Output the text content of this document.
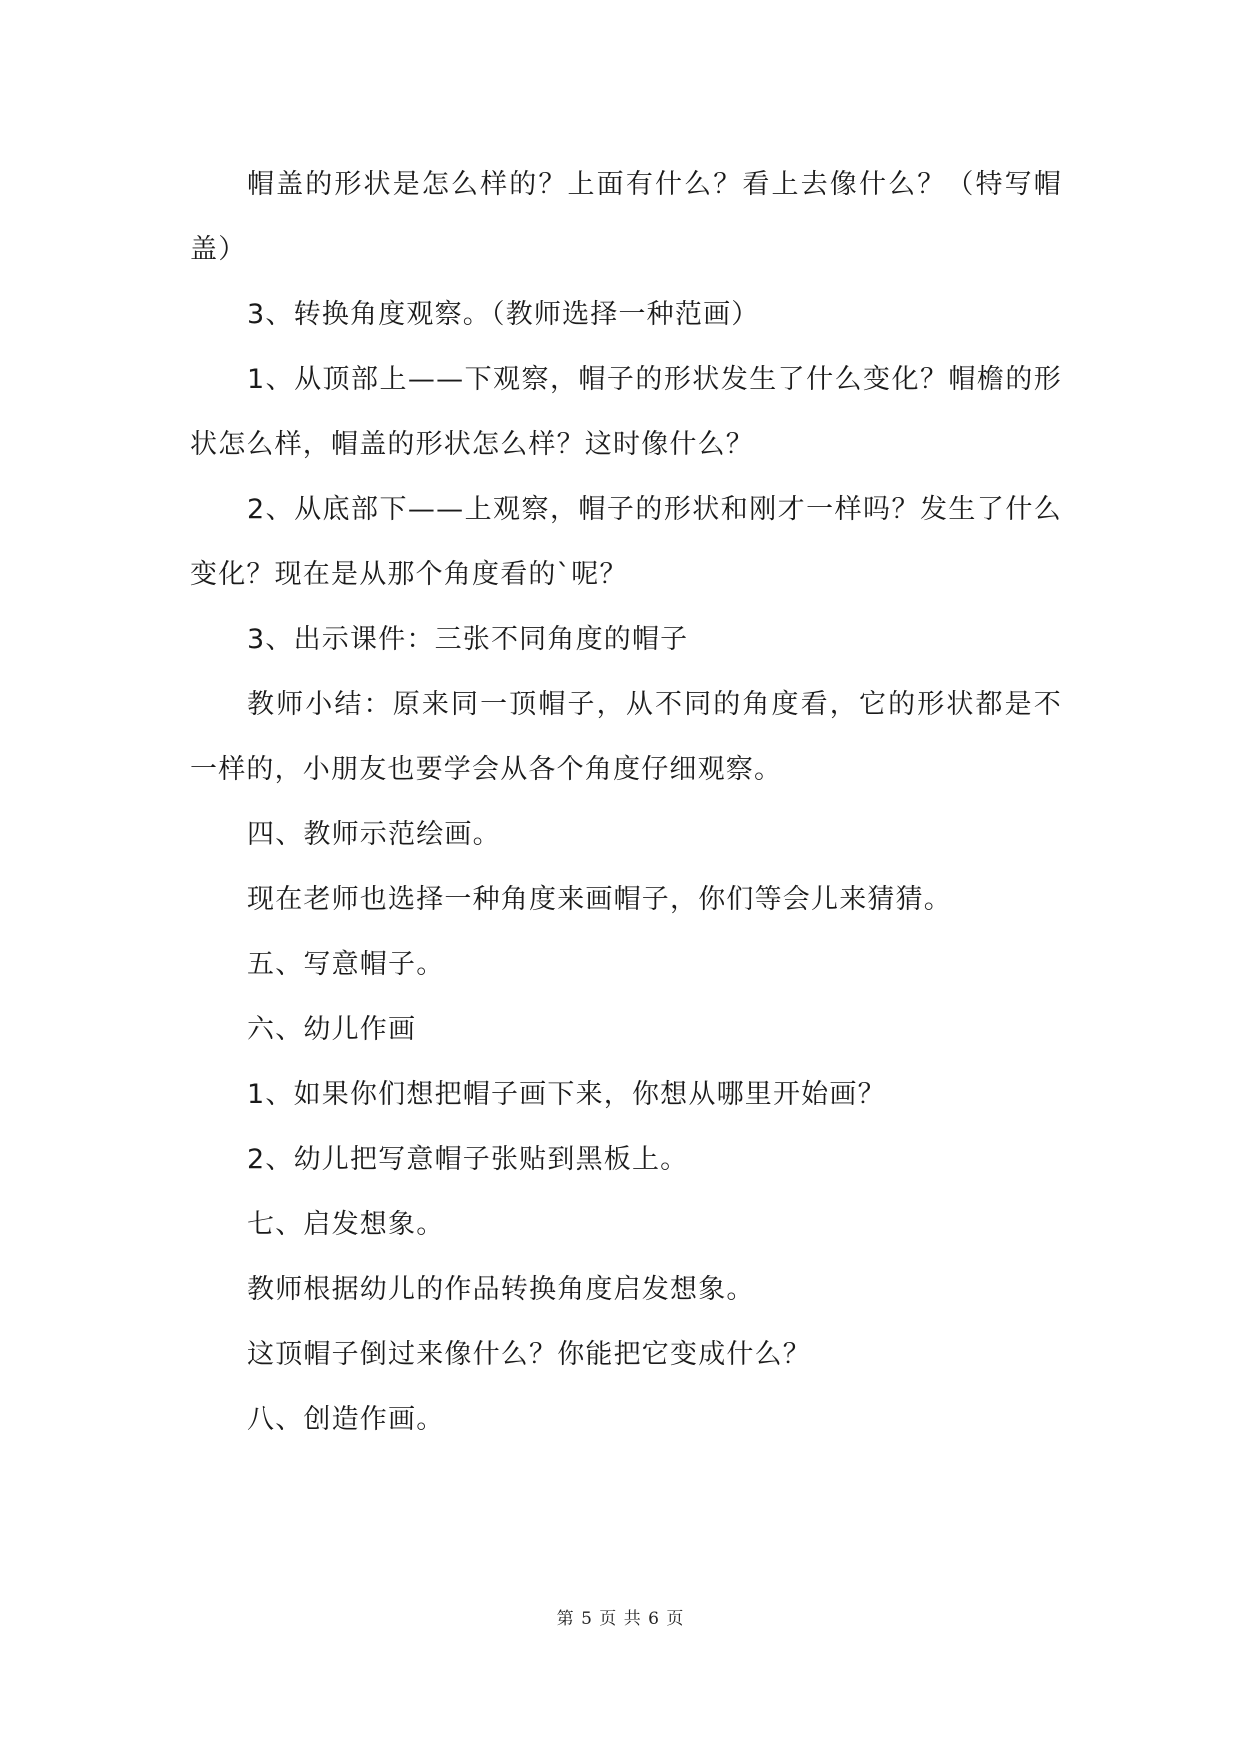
帽盖的形状是怎么样的？上面有什么？看上去像什么？（特写帽盖）

3、转换角度观察。（教师选择一种范画）

1、从顶部上——下观察，帽子的形状发生了什么变化？帽檐的形状怎么样，帽盖的形状怎么样？这时像什么？

2、从底部下——上观察，帽子的形状和刚才一样吗？发生了什么变化？现在是从那个角度看的`呢？

3、出示课件：三张不同角度的帽子

教师小结：原来同一顶帽子，从不同的角度看，它的形状都是不一样的，小朋友也要学会从各个角度仔细观察。

四、教师示范绘画。

现在老师也选择一种角度来画帽子，你们等会儿来猜猜。

五、写意帽子。

六、幼儿作画

1、如果你们想把帽子画下来，你想从哪里开始画？

2、幼儿把写意帽子张贴到黑板上。

七、启发想象。

教师根据幼儿的作品转换角度启发想象。

这顶帽子倒过来像什么？你能把它变成什么？

八、创造作画。

第 5 页 共 6 页
